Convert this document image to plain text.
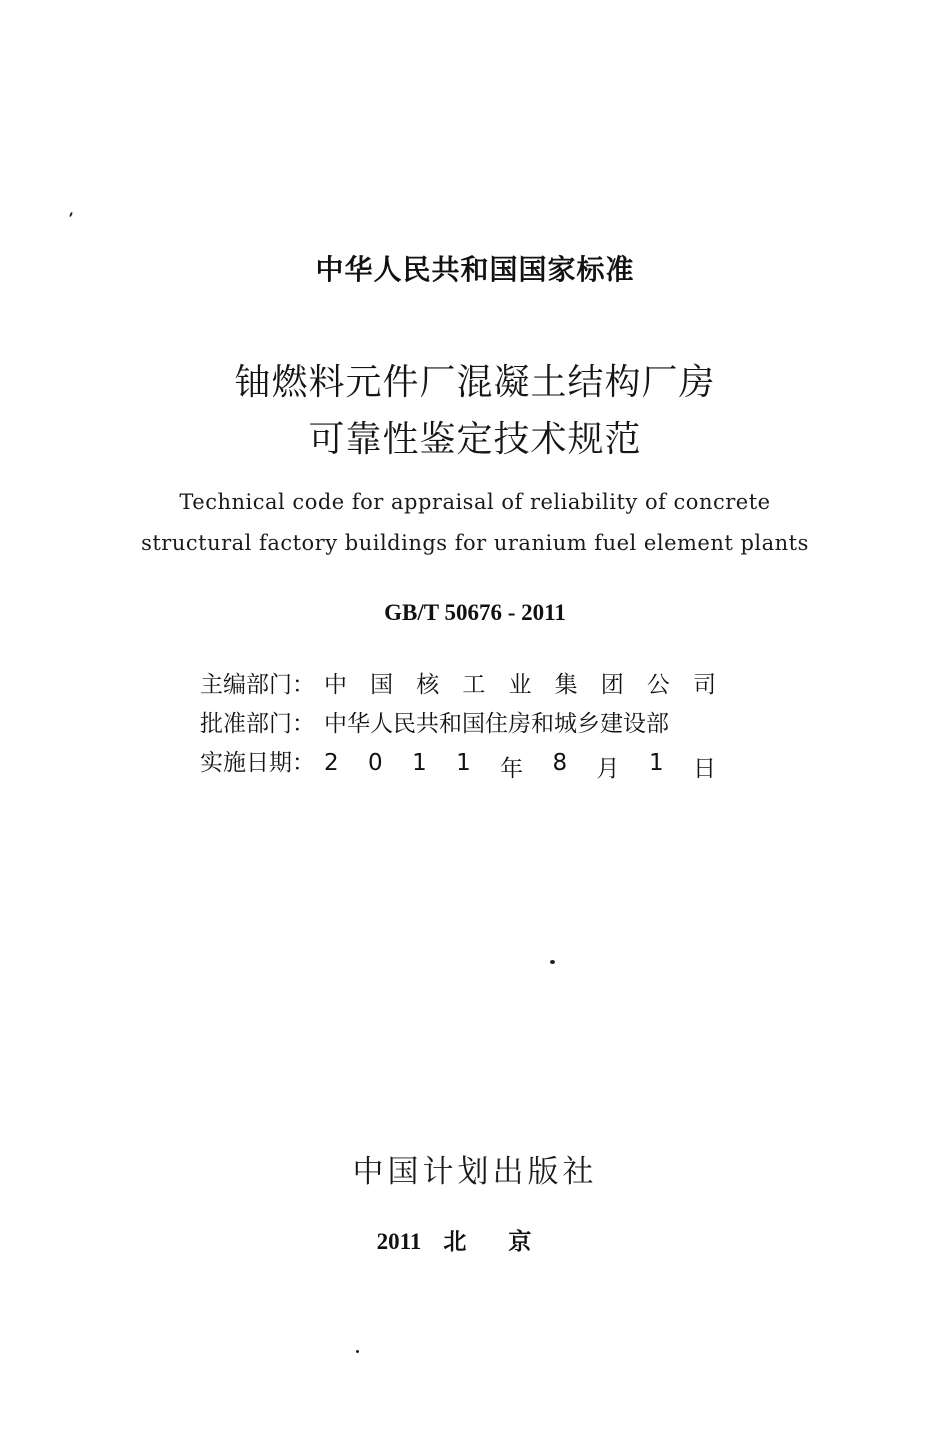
中华人民共和国国家标准
铀燃料元件厂混凝土结构厂房
可靠性鉴定技术规范
Technical code for appraisal of reliability of concrete
structural factory buildings for uranium fuel element plants
GB/T 50676 - 2011
主编部门： 中 国 核 工 业 集 团 公 司
批准部门： 中华人民共和国住房和城乡建设部
实施日期： 2 0 1 1 年 8 月 1 日
中国计划出版社
2011 北京
